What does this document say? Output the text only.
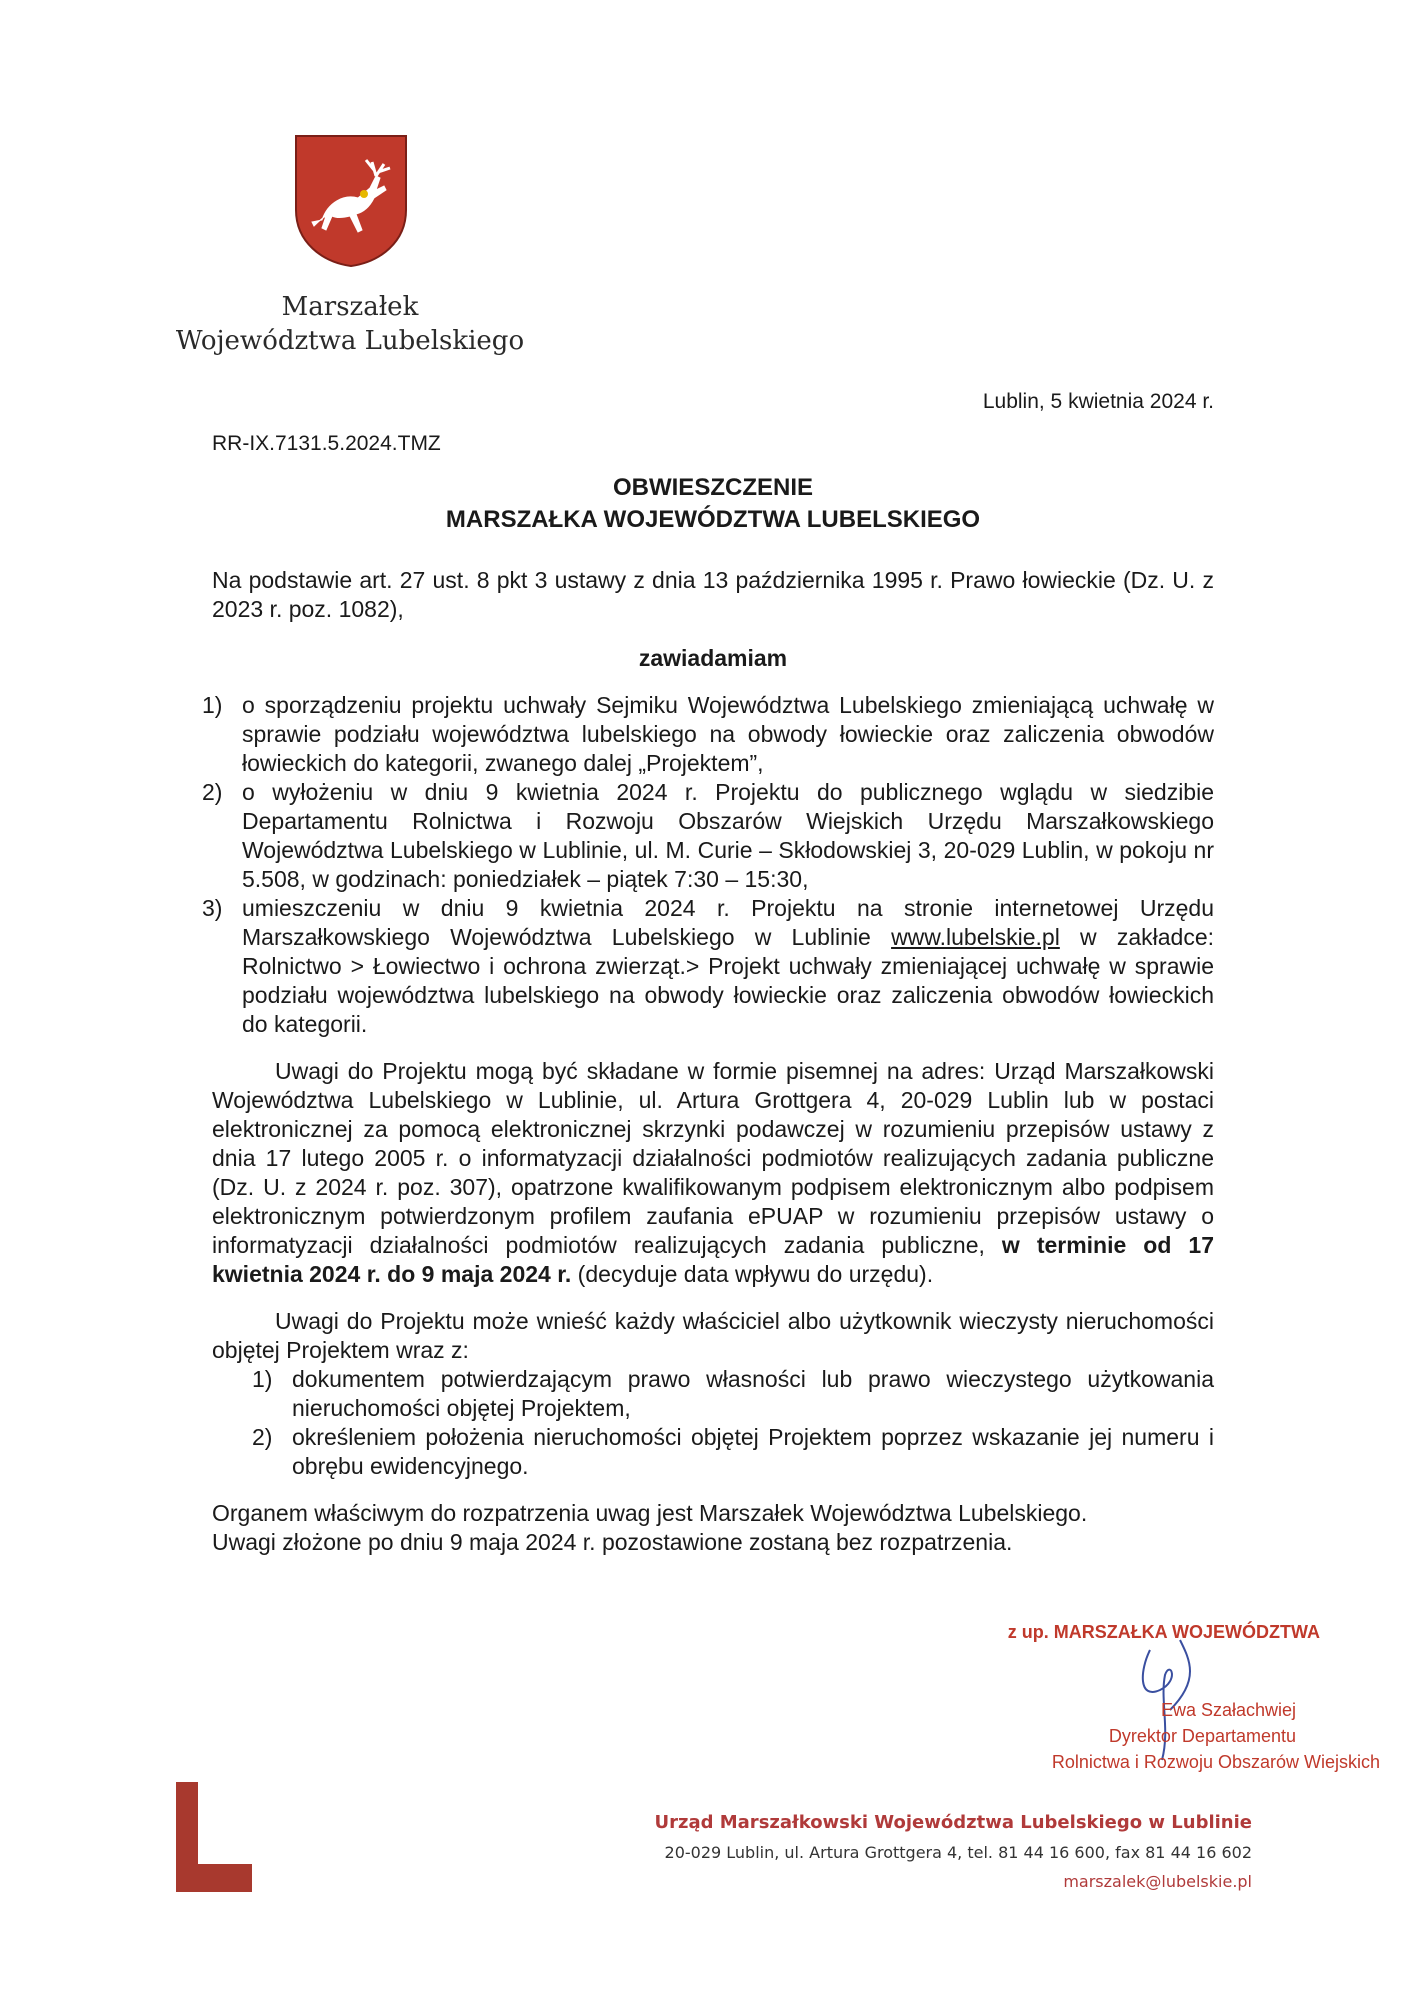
Marszałek
Województwa Lubelskiego
Lublin, 5 kwietnia 2024 r.
RR-IX.7131.5.2024.TMZ
OBWIESZCZENIE
MARSZAŁKA WOJEWÓDZTWA LUBELSKIEGO

Na podstawie art. 27 ust. 8 pkt 3 ustawy z dnia 13 października 1995 r. Prawo łowieckie (Dz. U. z 2023 r. poz. 1082),

zawiadamiam

1) o sporządzeniu projektu uchwały Sejmiku Województwa Lubelskiego zmieniającą uchwałę w sprawie podziału województwa lubelskiego na obwody łowieckie oraz zaliczenia obwodów łowieckich do kategorii, zwanego dalej „Projektem”,
2) o wyłożeniu w dniu 9 kwietnia 2024 r. Projektu do publicznego wglądu w siedzibie Departamentu Rolnictwa i Rozwoju Obszarów Wiejskich Urzędu Marszałkowskiego Województwa Lubelskiego w Lublinie, ul. M. Curie – Skłodowskiej 3, 20-029 Lublin, w pokoju nr 5.508, w godzinach: poniedziałek – piątek 7:30 – 15:30,
3) umieszczeniu w dniu 9 kwietnia 2024 r. Projektu na stronie internetowej Urzędu Marszałkowskiego Województwa Lubelskiego w Lublinie www.lubelskie.pl w zakładce: Rolnictwo > Łowiectwo i ochrona zwierząt.> Projekt uchwały zmieniającej uchwałę w sprawie podziału województwa lubelskiego na obwody łowieckie oraz zaliczenia obwodów łowieckich do kategorii.

Uwagi do Projektu mogą być składane w formie pisemnej na adres: Urząd Marszałkowski Województwa Lubelskiego w Lublinie, ul. Artura Grottgera 4, 20-029 Lublin lub w postaci elektronicznej za pomocą elektronicznej skrzynki podawczej w rozumieniu przepisów ustawy z dnia 17 lutego 2005 r. o informatyzacji działalności podmiotów realizujących zadania publiczne (Dz. U. z 2024 r. poz. 307), opatrzone kwalifikowanym podpisem elektronicznym albo podpisem elektronicznym potwierdzonym profilem zaufania ePUAP w rozumieniu przepisów ustawy o informatyzacji działalności podmiotów realizujących zadania publiczne, w terminie od 17 kwietnia 2024 r. do 9 maja 2024 r. (decyduje data wpływu do urzędu).

Uwagi do Projektu może wnieść każdy właściciel albo użytkownik wieczysty nieruchomości objętej Projektem wraz z:

1) dokumentem potwierdzającym prawo własności lub prawo wieczystego użytkowania nieruchomości objętej Projektem,
2) określeniem położenia nieruchomości objętej Projektem poprzez wskazanie jej numeru i obrębu ewidencyjnego.

Organem właściwym do rozpatrzenia uwag jest Marszałek Województwa Lubelskiego.

Uwagi złożone po dniu 9 maja 2024 r. pozostawione zostaną bez rozpatrzenia.

z up. MARSZAŁKA WOJEWÓDZTWA
Ewa Szałachwiej
Dyrektor Departamentu
Rolnictwa i Rozwoju Obszarów Wiejskich
Urząd Marszałkowski Województwa Lubelskiego w Lublinie
20-029 Lublin, ul. Artura Grottgera 4, tel. 81 44 16 600, fax 81 44 16 602
marszalek@lubelskie.pl
